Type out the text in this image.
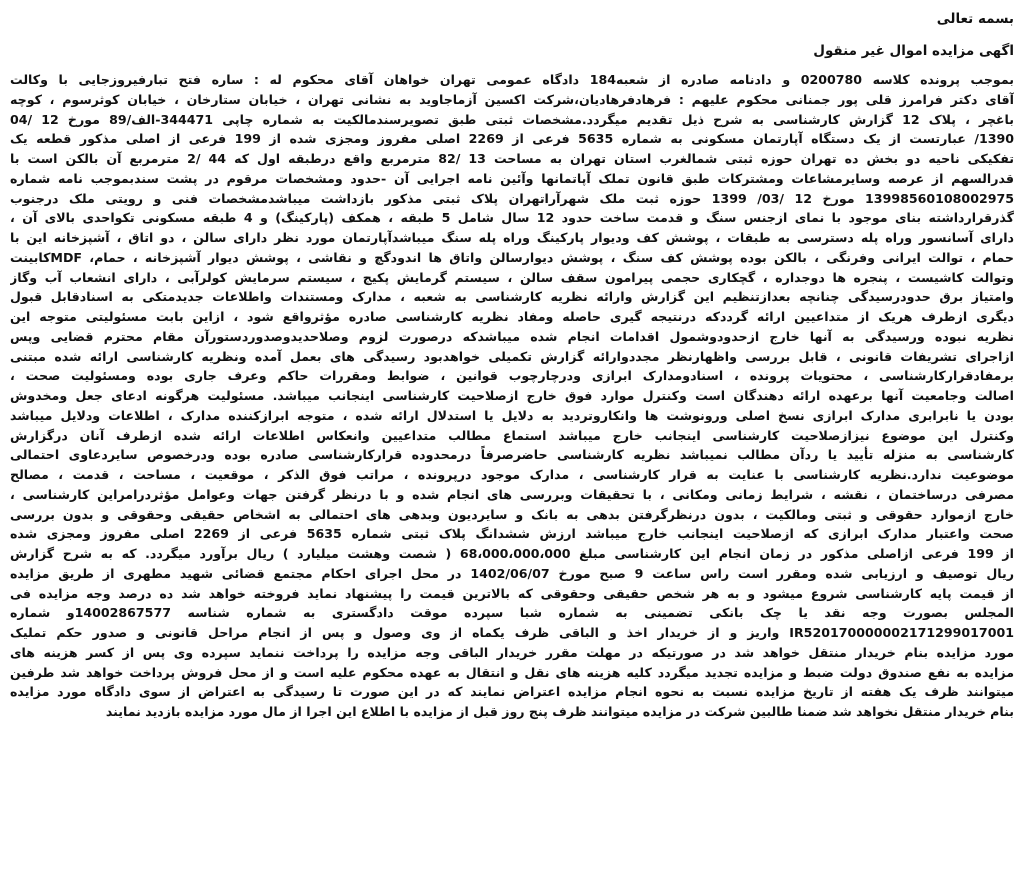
بسمه تعالی

اگهی مزایده اموال غیر منقول

بموجب پرونده کلاسه 0200780 و دادنامه صادره از شعبه184 دادگاه عمومی تهران خواهان آقای محکوم له : ساره فتح تبارفیروزجایی با وکالت
آقای دکتر فرامرز قلی پور جمنانی محکوم علیهم : فرهادفرهادیان،شرکت اکسین آزماجاوید به نشانی تهران ، خیابان ستارخان ، خیابان کوثرسوم ، کوچه
باغچر ، پلاک 12 گزارش کارشناسی به شرح ذیل تقدیم میگردد.مشخصات ثبتی طبق تصویرسندمالکیت به شماره چاپی 344471-الف/89 مورخ 12 /04
1390/ عبارتست از یک دستگاه آپارتمان مسکونی به شماره 5635 فرعی از 2269 اصلی مفروز ومجزی شده از 199 فرعی از اصلی مذکور قطعه یک
تفکیکی ناحیه دو بخش ده تهران حوزه ثبتی شمالغرب استان تهران به مساحت 13 /82 مترمربع واقع درطبقه اول که 44 /2 مترمربع آن بالکن است با
قدرالسهم از عرصه وسایرمشاعات ومشترکات طبق قانون تملک آپاتمانها وآئین نامه اجرایی آن -حدود ومشخصات مرقوم در پشت سندبموجب نامه شماره
13998560108002975 مورخ 12 /03/ 1399 حوزه ثبت ملک شهرآراتهران پلاک ثبتی مذکور بازداشت میباشدمشخصات فنی و رویتی ملک درجنوب
گذرقرارداشته بنای موجود با نمای ازجنس سنگ و قدمت ساخت حدود 12 سال شامل 5 طبقه ، همکف (پارکینگ) و 4 طبقه مسکونی تکواحدی بالای آن ،
دارای آسانسور وراه پله دسترسی به طبقات ، پوشش کف ودیوار پارکینگ وراه پله سنگ میباشدآپارتمان مورد نظر دارای سالن ، دو اتاق ، آشپزخانه این با
حمام ، توالت ایرانی وفرنگی ، بالکن بوده پوشش کف سنگ ، پوشش دیوارسالن واتاق ها اندودگچ و نقاشی ، پوشش دیوار آشپزخانه ، حمام، MDFکابینت
وتوالت کاشیست ، پنجره ها دوجداره ، گچکاری حجمی پیرامون سقف سالن ، سیستم گرمایش پکیج ، سیستم سرمایش کولرآبی ، دارای انشعاب آب وگاز
وامتیاز برق حدودرسیدگی چنانچه بعدازتنظیم این گزارش وارائه نظریه کارشناسی به شعبه ، مدارک ومستندات واطلاعات جدیدمتکی به اسنادقابل قبول
دیگری ازطرف هریک از متداعیین ارائه گرددکه درنتیجه گیری حاصله ومفاد نظریه کارشناسی صادره مؤثرواقع شود ، ازاین بابت مسئولیتی متوجه این
نظریه نبوده ورسیدگی به آنها خارج ازحدودوشمول اقدامات انجام شده میباشدکه درصورت لزوم وصلاحدیدوصدوردستورآن مقام محترم قضایی وپس
ازاجرای تشریفات قانونی ، قابل بررسی واظهارنظر مجددوارائه گزارش تکمیلی خواهدبود رسیدگی های بعمل آمده ونظریه کارشناسی ارائه شده مبتنی
برمفادقرارکارشناسی ، محتویات پرونده ، اسنادومدارک ابرازی ودرچارچوب قوانین ، ضوابط ومقررات حاکم وعرف جاری بوده ومسئولیت صحت ،
اصالت وجامعیت آنها برعهده ارائه دهندگان است وکنترل موارد فوق خارج ازصلاحیت کارشناسی اینجانب میباشد. مسئولیت هرگونه ادعای جعل ومخدوش
بودن یا نابرابری مدارک ابرازی نسخ اصلی ورونوشت ها وانکاروتردید به دلایل یا استدلال ارائه شده ، متوجه ابرازکننده مدارک ، اطلاعات ودلایل میباشد
وکنترل این موضوع نیزازصلاحیت کارشناسی اینجانب خارج میباشد استماع مطالب متداعیین وانعکاس اطلاعات ارائه شده ازطرف آنان درگزارش
کارشناسی به منزله تأیید یا ردآن مطالب نمیباشد نظریه کارشناسی حاضرصرفاً درمحدوده قرارکارشناسی صادره بوده ودرخصوص سایردعاوی احتمالی
موضوعیت ندارد.نظریه کارشناسی با عنایت به قرار کارشناسی ، مدارک موجود درپرونده ، مراتب فوق الذکر ، موقعیت ، مساحت ، قدمت ، مصالح
مصرفی درساختمان ، نقشه ، شرایط زمانی ومکانی ، با تحقیقات وبررسی های انجام شده و با درنظر گرفتن جهات وعوامل مؤثردرامراین کارشناسی ،
خارج ازموارد حقوقی و ثبتی ومالکیت ، بدون درنظرگرفتن بدهی به بانک و سایردیون وبدهی های احتمالی به اشخاص حقیقی وحقوقی و بدون بررسی
صحت واعتبار مدارک ابرازی که ازصلاحیت اینجانب خارج میباشد ارزش ششدانگ پلاک ثبتی شماره 5635 فرعی از 2269 اصلی مفروز ومجزی شده
از 199 فرعی ازاصلی مذکور در زمان انجام این کارشناسی مبلغ 68،000،000،000 ( شصت وهشت میلیارد ) ریال برآورد میگردد. که به شرح گزارش
ریال توصیف و ارزیابی شده ومقرر است راس ساعت 9 صبح مورخ 1402/06/07 در محل اجرای احکام مجتمع قضائی شهید مطهری از طریق مزایده
از قیمت پایه کارشناسی شروع میشود و به هر شخص حقیقی وحقوقی که بالاترین قیمت را پیشنهاد نماید فروخته خواهد شد ده درصد وجه مزایده فی
المجلس بصورت وجه نقد یا چک بانکی تضمینی به شماره شبا سپرده موقت دادگستری به شماره شناسه 14002867577و شماره
IR520170000002171299017001 واریز و از خریدار اخذ و الباقی ظرف یکماه از وی وصول و پس از انجام مراحل قانونی و صدور حکم تملیک
مورد مزایده بنام خریدار منتقل خواهد شد در صورتیکه در مهلت مقرر خریدار الباقی وجه مزایده را پرداخت ننماید سپرده وی پس از کسر هزینه های
مزایده به نفع صندوق دولت ضبط و مزایده تجدید میگردد کلیه هزینه های نقل و انتقال به عهده محکوم علیه است و از محل فروش پرداخت خواهد شد طرفین
میتوانند ظرف یک هفته از تاریخ مزایده نسبت به نحوه انجام مزایده اعتراض نمایند که در این صورت تا رسیدگی به اعتراض از سوی دادگاه مورد مزایده
بنام خریدار منتقل نخواهد شد ضمنا طالبین شرکت در مزایده میتوانند ظرف پنج روز قبل از مزایده با اطلاع این اجرا از مال مورد مزایده بازدید نمایند
